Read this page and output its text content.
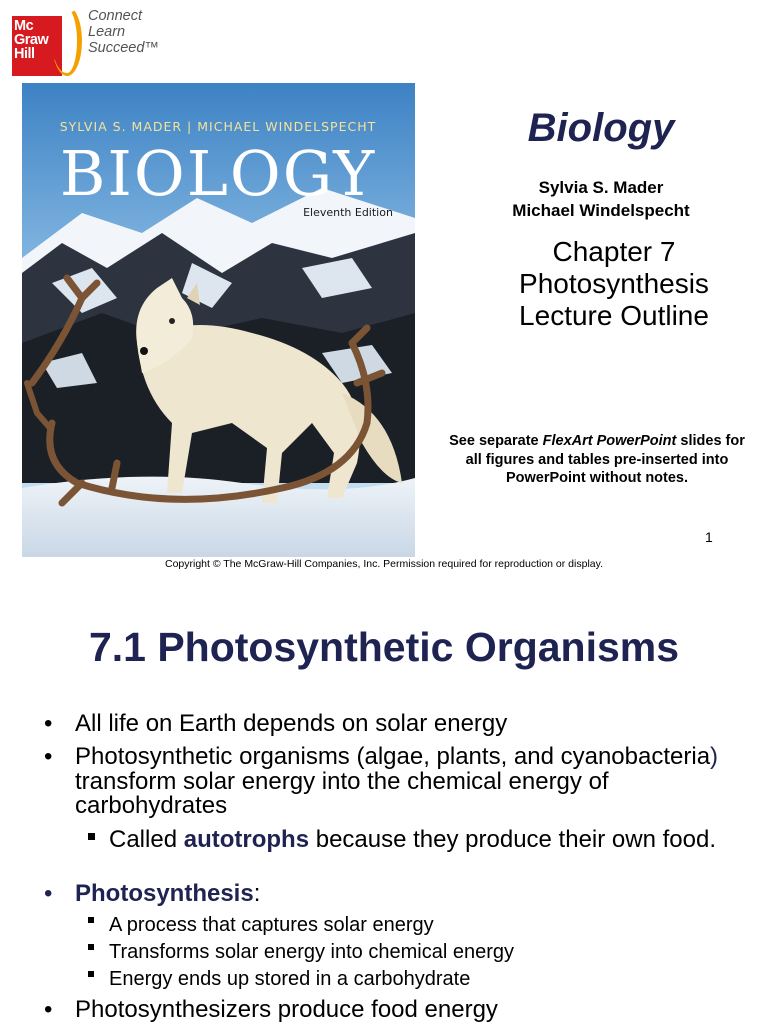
Mc
Graw
Hill
Connect
Learn
Succeed™
SYLVIA S. MADER | MICHAEL WINDELSPECHT
BIOLOGY
Eleventh Edition
Biology
Sylvia S. Mader
Michael Windelspecht
Chapter 7
Photosynthesis
Lecture Outline
See separate FlexArt PowerPoint slides for all figures and tables pre-inserted into PowerPoint without notes.
1
Copyright © The McGraw-Hill Companies, Inc. Permission required for reproduction or display.
7.1 Photosynthetic Organisms
• All life on Earth depends on solar energy
• Photosynthetic organisms (algae, plants, and cyanobacteria) transform solar energy into the chemical energy of carbohydrates
Called autotrophs because they produce their own food.
• Photosynthesis:
A process that captures solar energy
Transforms solar energy into chemical energy
Energy ends up stored in a carbohydrate
• Photosynthesizers produce food energy
